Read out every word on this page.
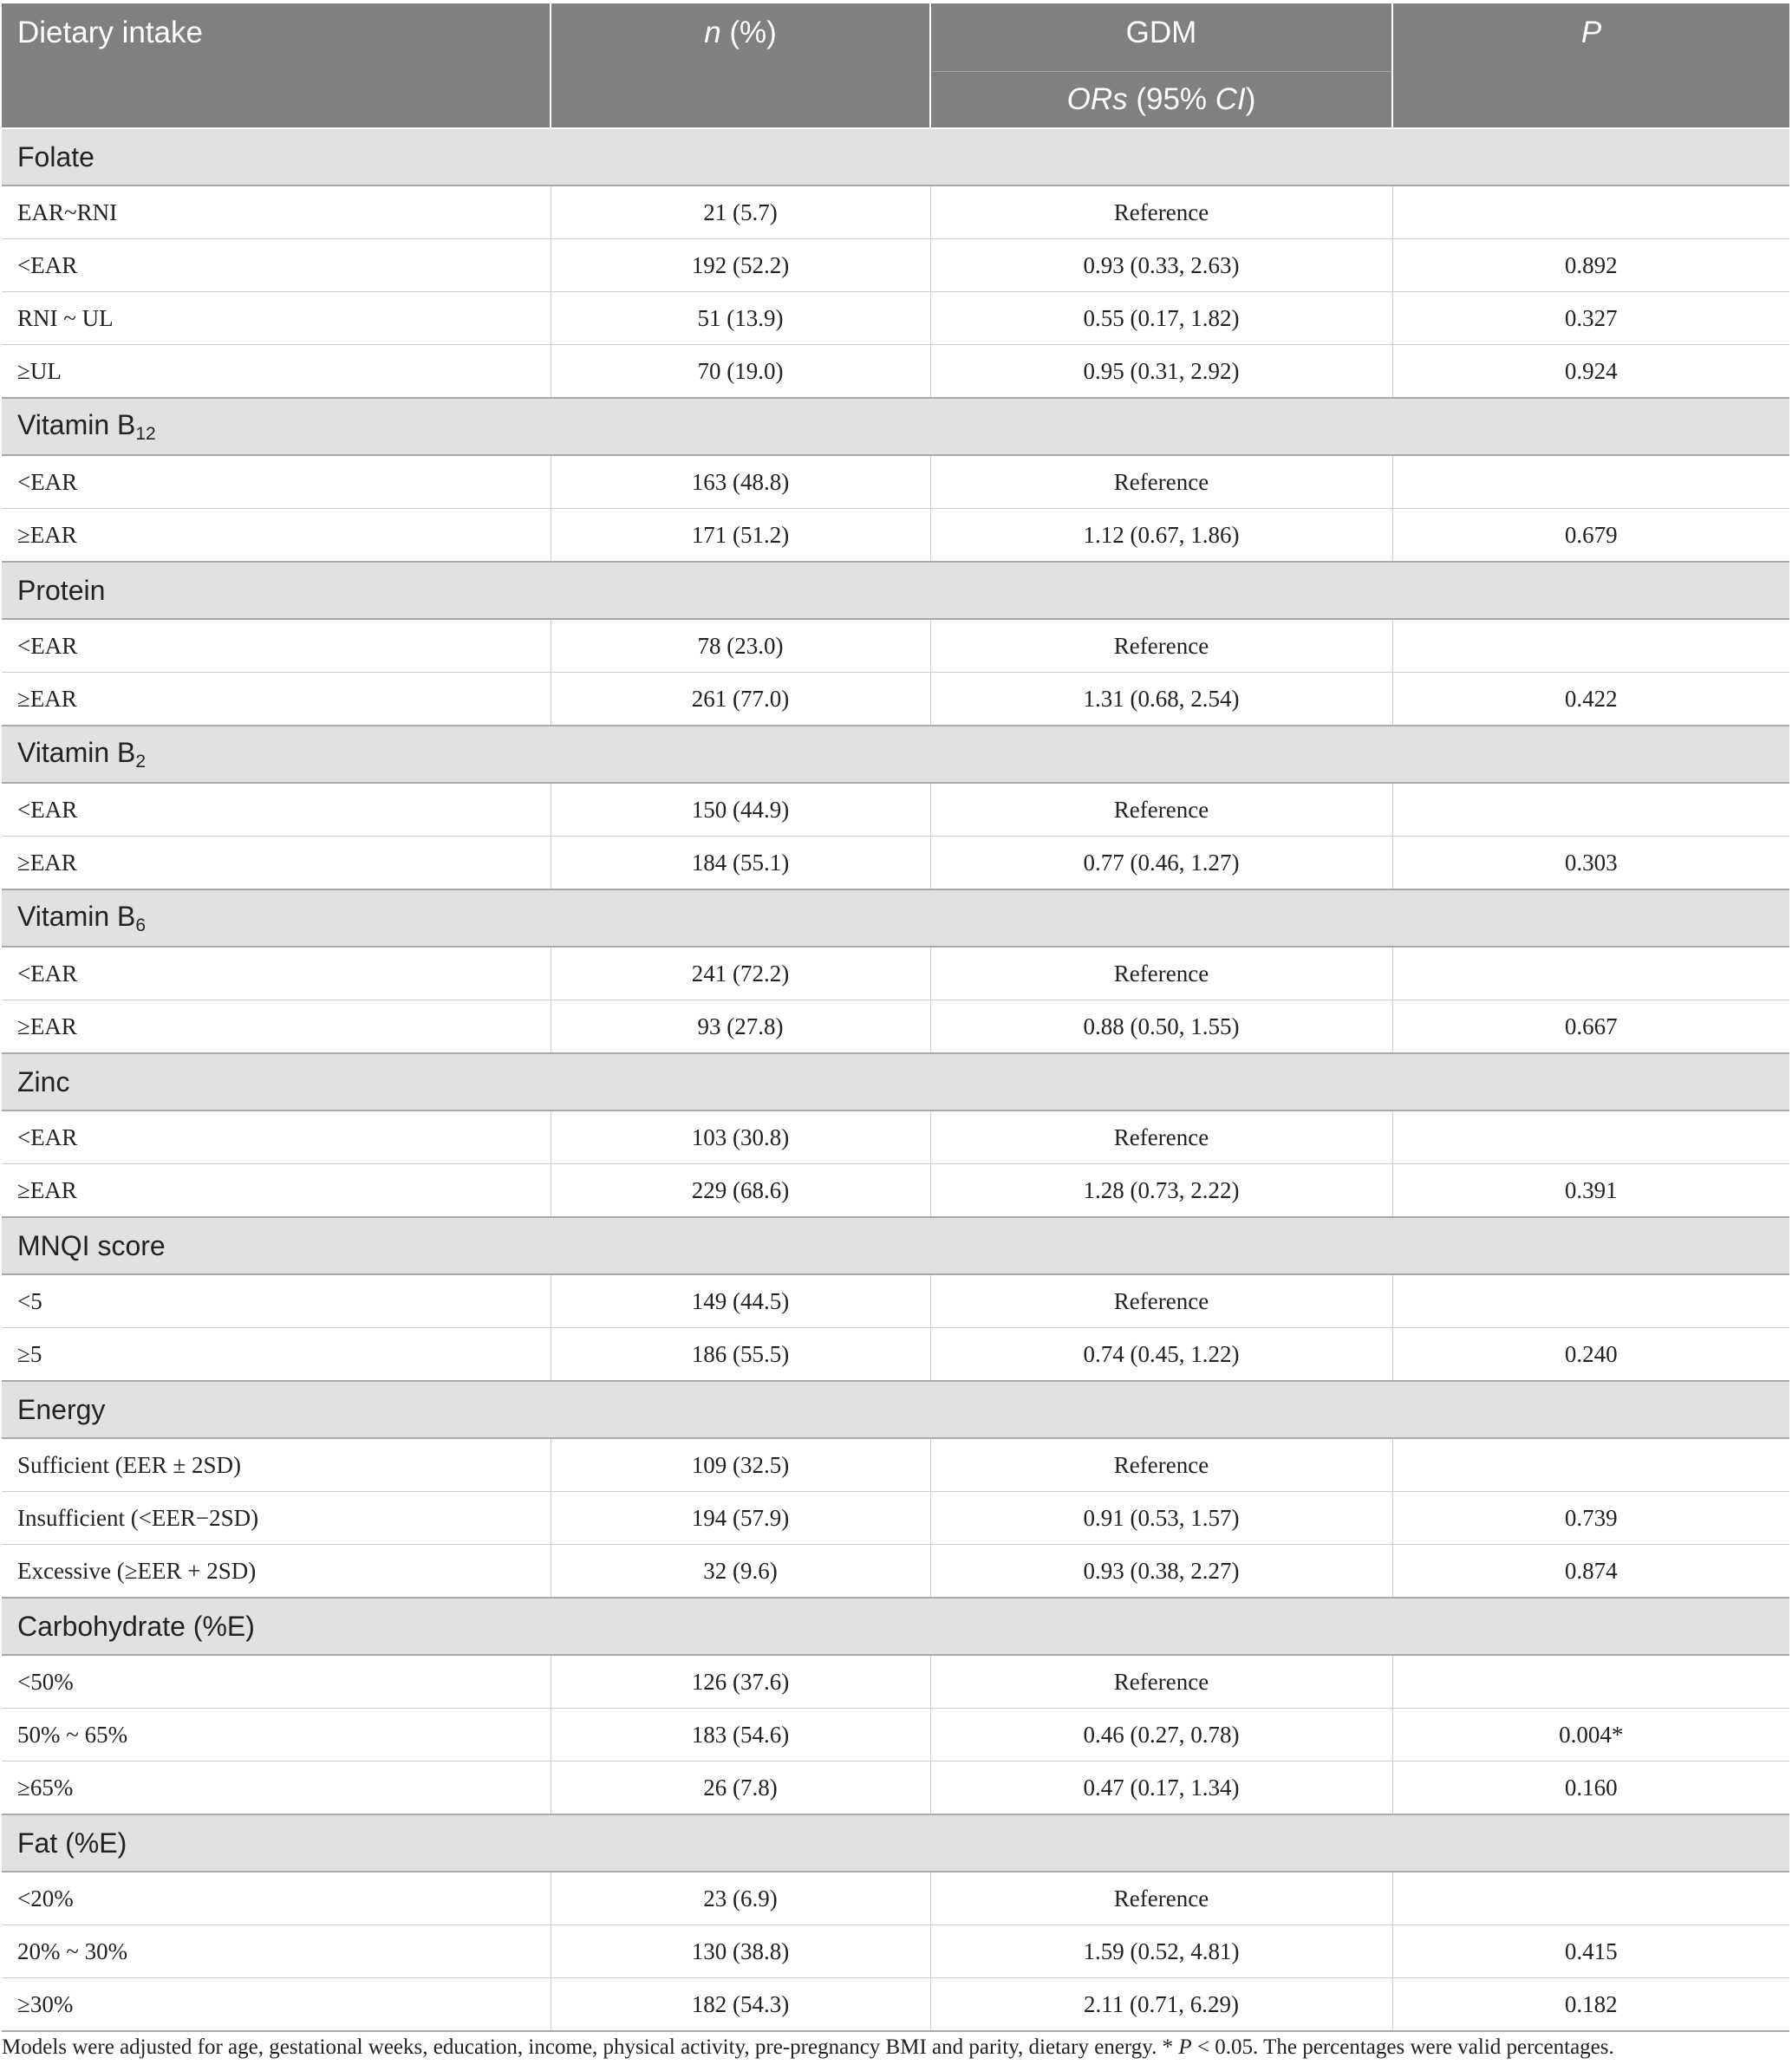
Dietary intake	n (%)	GDM	P
		ORs (95% CI)	
Folate			
EAR~RNI	21 (5.7)	Reference	
<EAR	192 (52.2)	0.93 (0.33, 2.63)	0.892
RNI ~ UL	51 (13.9)	0.55 (0.17, 1.82)	0.327
≥UL	70 (19.0)	0.95 (0.31, 2.92)	0.924
Vitamin $B_{12}$
<EAR	163 (48.8)	Reference	
≥EAR	171 (51.2)	1.12 (0.67, 1.86)	0.679
Protein			
<EAR	78 (23.0)	Reference	
≥EAR	261 (77.0)	1.31 (0.68, 2.54)	0.422
Vitamin $B_2$
<EAR	150 (44.9)	Reference	
≥EAR	184 (55.1)	0.77 (0.46, 1.27)	0.303
Vitamin $B_6$
<EAR	241 (72.2)	Reference	
≥EAR	93 (27.8)	0.88 (0.50, 1.55)	0.667
Zinc			
<EAR	103 (30.8)	Reference	
≥EAR	229 (68.6)	1.28 (0.73, 2.22)	0.391
MNQI score			
<5	149 (44.5)	Reference	
≥5	186 (55.5)	0.74 (0.45, 1.22)	0.240
Energy			
Sufficient (EER ± 2SD)	109 (32.5)	Reference	
Insufficient (<EER−2SD)	194 (57.9)	0.91 (0.53, 1.57)	0.739
Excessive (≥EER + 2SD)	32 (9.6)	0.93 (0.38, 2.27)	0.874
Carbohydrate (%E)			
<50%	126 (37.6)	Reference	
50% ~ 65%	183 (54.6)	0.46 (0.27, 0.78)	0.004*
≥65%	26 (7.8)	0.47 (0.17, 1.34)	0.160
Fat (%E)			
<20%	23 (6.9)	Reference	
20% ~ 30%	130 (38.8)	1.59 (0.52, 4.81)	0.415
≥30%	182 (54.3)	2.11 (0.71, 6.29)	0.182
Models were adjusted for age, gestational weeks, education, income, physical activity, pre-pregnancy BMI and parity, dietary energy. * P < 0.05. The percentages were valid percentages.
